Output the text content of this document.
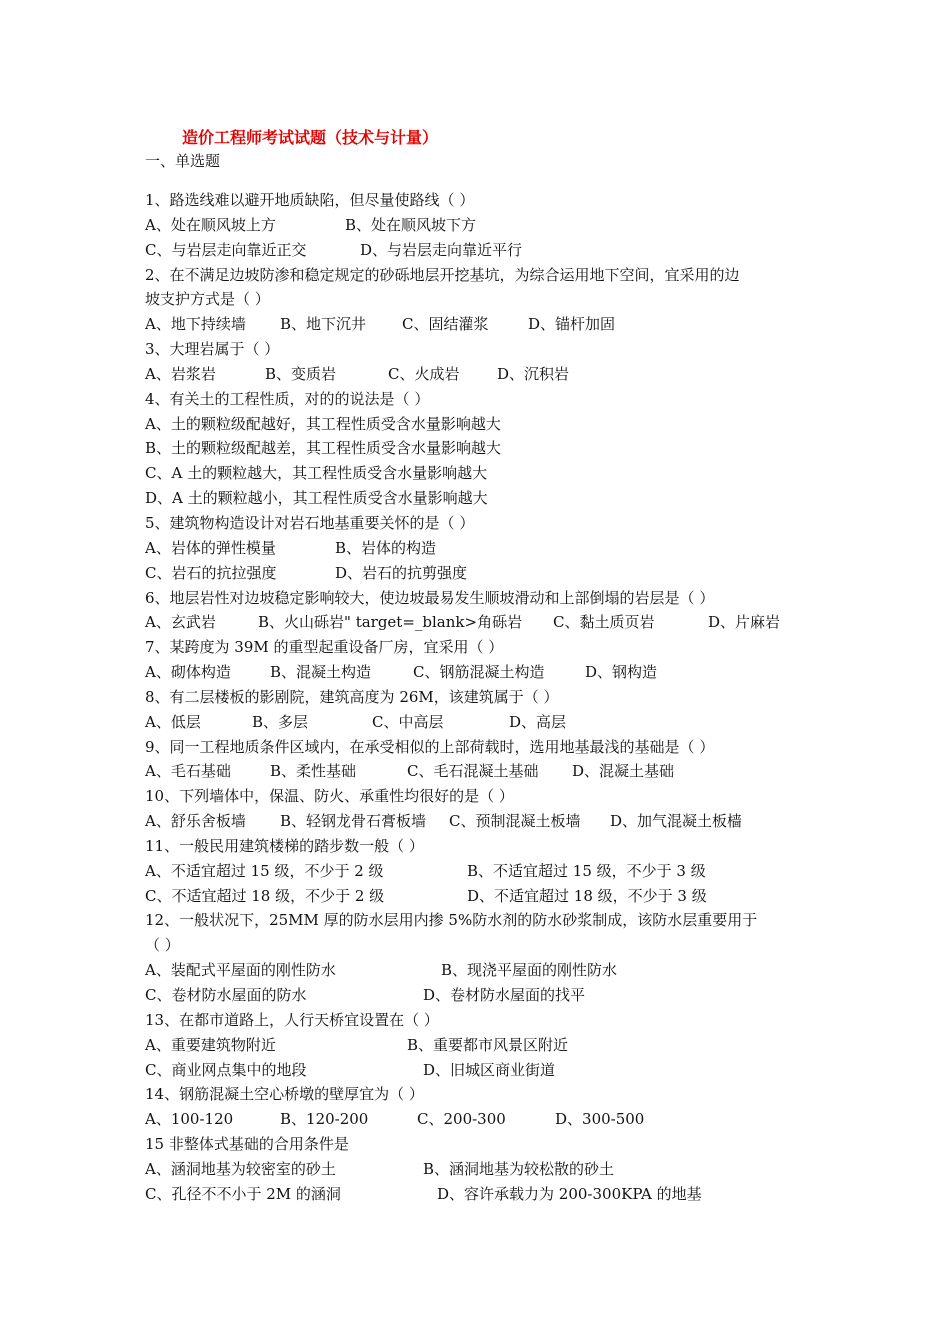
造价工程师考试试题（技术与计量）
一、单选题
1、路选线难以避开地质缺陷，但尽量使路线（ ）
A、处在顺风坡上方	B、处在顺风坡下方
C、与岩层走向靠近正交	D、与岩层走向靠近平行
2、在不满足边坡防渗和稳定规定的砂砾地层开挖基坑，为综合运用地下空间，宜采用的边
坡支护方式是（ ）
A、地下持续墙 B、地下沉井 C、固结灌浆	D、锚杆加固
3、大理岩属于（ ）
A、岩浆岩	B、变质岩	C、火成岩	D、沉积岩
4、有关土的工程性质，对的的说法是（ ）
A、土的颗粒级配越好，其工程性质受含水量影响越大
B、土的颗粒级配越差，其工程性质受含水量影响越大
C、A 土的颗粒越大，其工程性质受含水量影响越大
D、A 土的颗粒越小，其工程性质受含水量影响越大
5、建筑物构造设计对岩石地基重要关怀的是（ ）
A、岩体的弹性模量	B、岩体的构造
C、岩石的抗拉强度	D、岩石的抗剪强度
6、地层岩性对边坡稳定影响较大，使边坡最易发生顺坡滑动和上部倒塌的岩层是（ ）
A、玄武岩	B、火山砾岩" target=_blank>角砾岩 C、黏土质页岩	D、片麻岩
7、某跨度为 39M 的重型起重设备厂房，宜采用（ ）
A、砌体构造	B、混凝土构造	C、钢筋混凝土构造	D、钢构造
8、有二层楼板的影剧院，建筑高度为 26M，该建筑属于（ ）
A、低层	B、多层	C、中高层	D、高层
9、同一工程地质条件区域内，在承受相似的上部荷载时，选用地基最浅的基础是（ ）
A、毛石基础	B、柔性基础	C、毛石混凝土基础 D、混凝土基础
10、下列墙体中，保温、防火、承重性均很好的是（ ）
A、舒乐舍板墙 B、轻钢龙骨石膏板墙 C、预制混凝土板墙 D、加气混凝土板樯
11、一般民用建筑楼梯的踏步数一般（ ）
A、不适宜超过 15 级，不少于 2 级	B、不适宜超过 15 级，不少于 3 级
C、不适宜超过 18 级，不少于 2 级	D、不适宜超过 18 级，不少于 3 级
12、一般状况下，25MM 厚的防水层用内掺 5%防水剂的防水砂浆制成，该防水层重要用于
（ ）
A、装配式平屋面的刚性防水	B、现浇平屋面的刚性防水
C、卷材防水屋面的防水	D、卷材防水屋面的找平
13、在都市道路上，人行天桥宜设置在（ ）
A、重要建筑物附近	B、重要都市风景区附近
C、商业网点集中的地段	D、旧城区商业街道
14、钢筋混凝土空心桥墩的壁厚宜为（ ）
A、100-120	B、120-200	C、200-300	D、300-500
15 非整体式基础的合用条件是
A、涵洞地基为较密室的砂土	B、涵洞地基为较松散的砂土
C、孔径不不小于 2M 的涵洞	D、容许承载力为 200-300KPA 的地基
